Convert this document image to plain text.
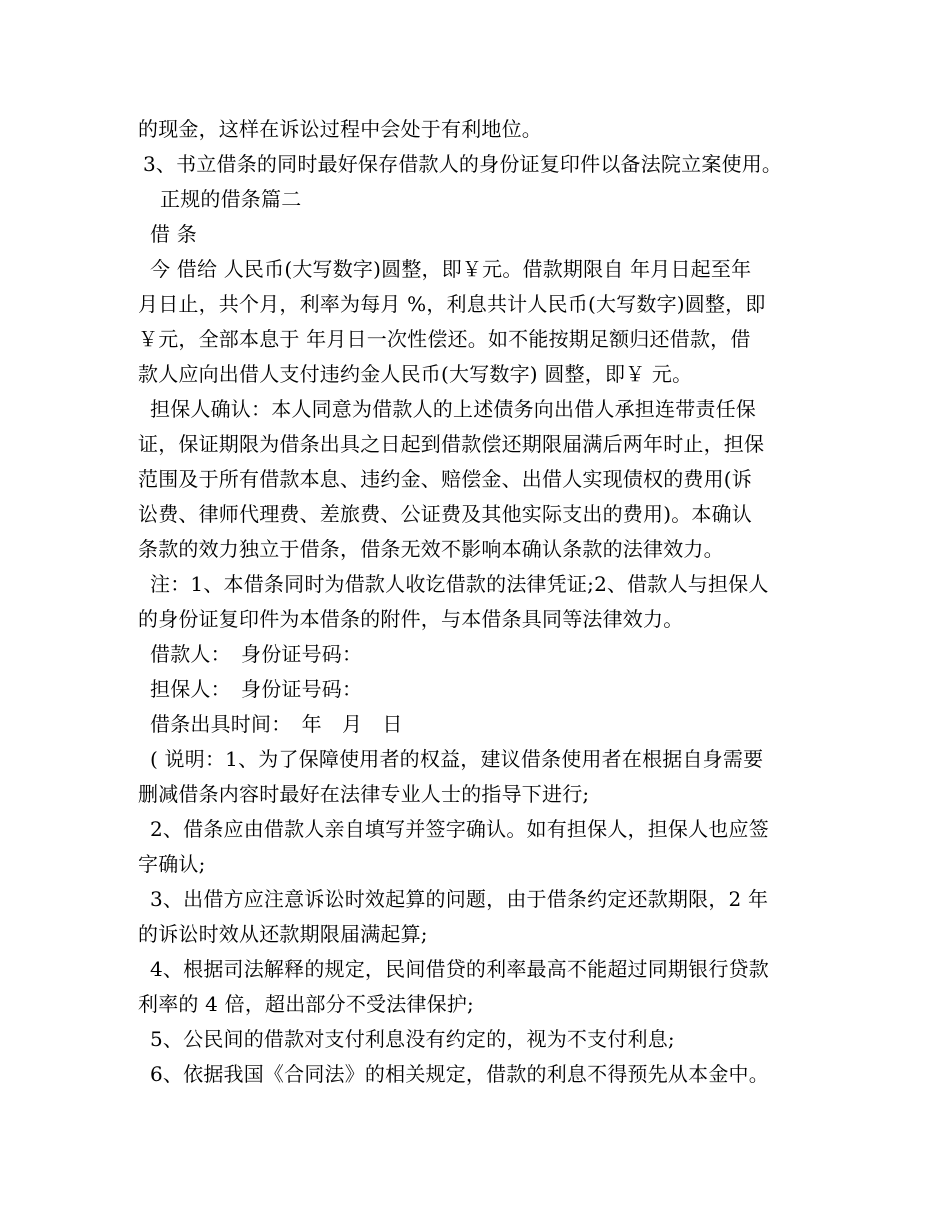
的现金，这样在诉讼过程中会处于有利地位。

3、书立借条的同时最好保存借款人的身份证复印件以备法院立案使用。

正规的借条篇二

借 条

今 借给 人民币(大写数字)圆整，即￥元。借款期限自 年月日起至年

月日止，共个月，利率为每月 %，利息共计人民币(大写数字)圆整，即

￥元，全部本息于 年月日一次性偿还。如不能按期足额归还借款，借

款人应向出借人支付违约金人民币(大写数字) 圆整，即￥ 元。

担保人确认：本人同意为借款人的上述债务向出借人承担连带责任保

证，保证期限为借条出具之日起到借款偿还期限届满后两年时止，担保

范围及于所有借款本息、违约金、赔偿金、出借人实现债权的费用(诉

讼费、律师代理费、差旅费、公证费及其他实际支出的费用)。本确认

条款的效力独立于借条，借条无效不影响本确认条款的法律效力。

注：1、本借条同时为借款人收讫借款的法律凭证;2、借款人与担保人

的身份证复印件为本借条的附件，与本借条具同等法律效力。

借款人：　身份证号码：

担保人：　身份证号码：

借条出具时间：　年　月　日

( 说明：1、为了保障使用者的权益，建议借条使用者在根据自身需要

删减借条内容时最好在法律专业人士的指导下进行;

2、借条应由借款人亲自填写并签字确认。如有担保人，担保人也应签

字确认;

3、出借方应注意诉讼时效起算的问题，由于借条约定还款期限，2 年

的诉讼时效从还款期限届满起算;

4、根据司法解释的规定，民间借贷的利率最高不能超过同期银行贷款

利率的 4 倍，超出部分不受法律保护;

5、公民间的借款对支付利息没有约定的，视为不支付利息;

6、依据我国《合同法》的相关规定，借款的利息不得预先从本金中。
